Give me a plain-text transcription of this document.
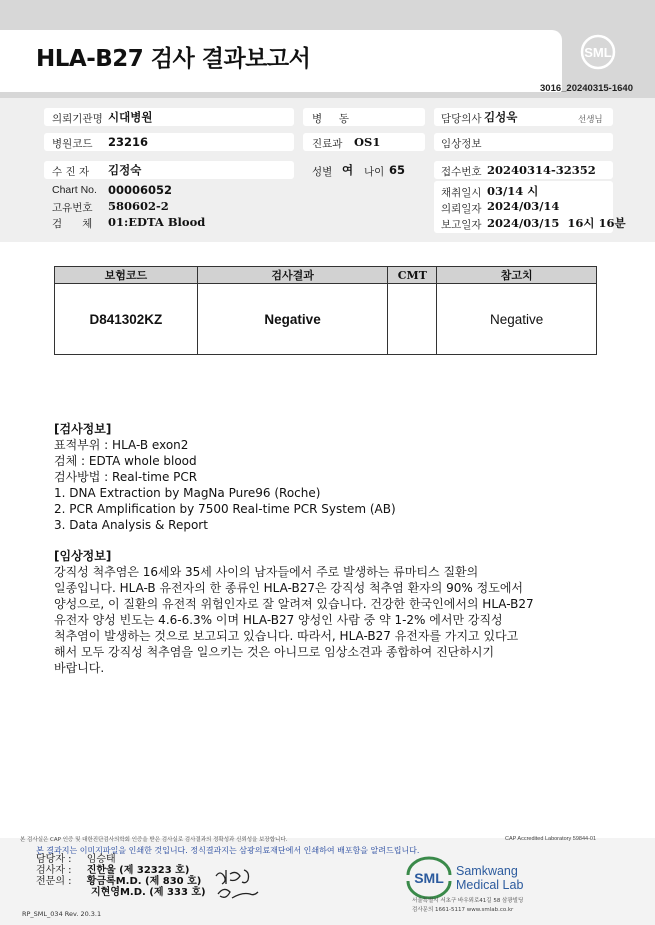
HLA-B27 검사 결과보고서	SML
3016_20240315-1640
의뢰기관명 시대병원
병원코드 23216
수 진 자 김정숙
Chart No. 00006052
고유번호 580602-2
검      체 01:EDTA Blood
병     동
진료과 OS1
성별 여 나이 65
담당의사 김성욱	선생님
임상정보
접수번호 20240314-32352
채취일시 03/14 시
의뢰일자 2024/03/14
보고일자 2024/03/15  16시 16분
보험코드	검사결과	CMT	참고치
D841302KZ	Negative		Negative

[검사정보]

표적부위 : HLA-B exon2

검체 : EDTA whole blood

검사방법 : Real-time PCR

1. DNA Extraction by MagNa Pure96 (Roche)

2. PCR Amplification by 7500 Real-time PCR System (AB)

3. Data Analysis & Report

[임상정보]

강직성 척추염은 16세와 35세 사이의 남자들에서 주로 발생하는 류마티스 질환의

일종입니다. HLA-B 유전자의 한 종류인 HLA-B27은 강직성 척추염 환자의 90% 정도에서

양성으로, 이 질환의 유전적 위험인자로 잘 알려져 있습니다. 건강한 한국인에서의 HLA-B27

유전자 양성 빈도는 4.6-6.3% 이며 HLA-B27 양성인 사람 중 약 1-2% 에서만 강직성

척추염이 발생하는 것으로 보고되고 있습니다. 따라서, HLA-B27 유전자를 가지고 있다고

해서 모두 강직성 척추염을 일으키는 것은 아니므로 임상소견과 종합하여 진단하시기

바랍니다.

본 검사실은 CAP 인증 및 대한진단검사의학회 인증을 받은 검사실로 검사결과의 정확성과 신뢰성을 보장합니다.	CAP Accredited Laboratory 59844-01
본 결과지는 이미지파일을 인쇄한 것입니다. 정식결과지는 삼광의료재단에서 인쇄하여 배포함을 알려드립니다.
담당자 : 임승태
검사자 : 진한울 (제 32323 호)
전문의 : 황금록M.D. (제 830 호)
지현영M.D. (제 333 호)
SML Samkwang
Medical Lab
서울특별시 서초구 바우뫼로41길 58 삼광빌딩
검사문의 1661-5117 www.smlab.co.kr
RP_SML_034 Rev. 20.3.1
